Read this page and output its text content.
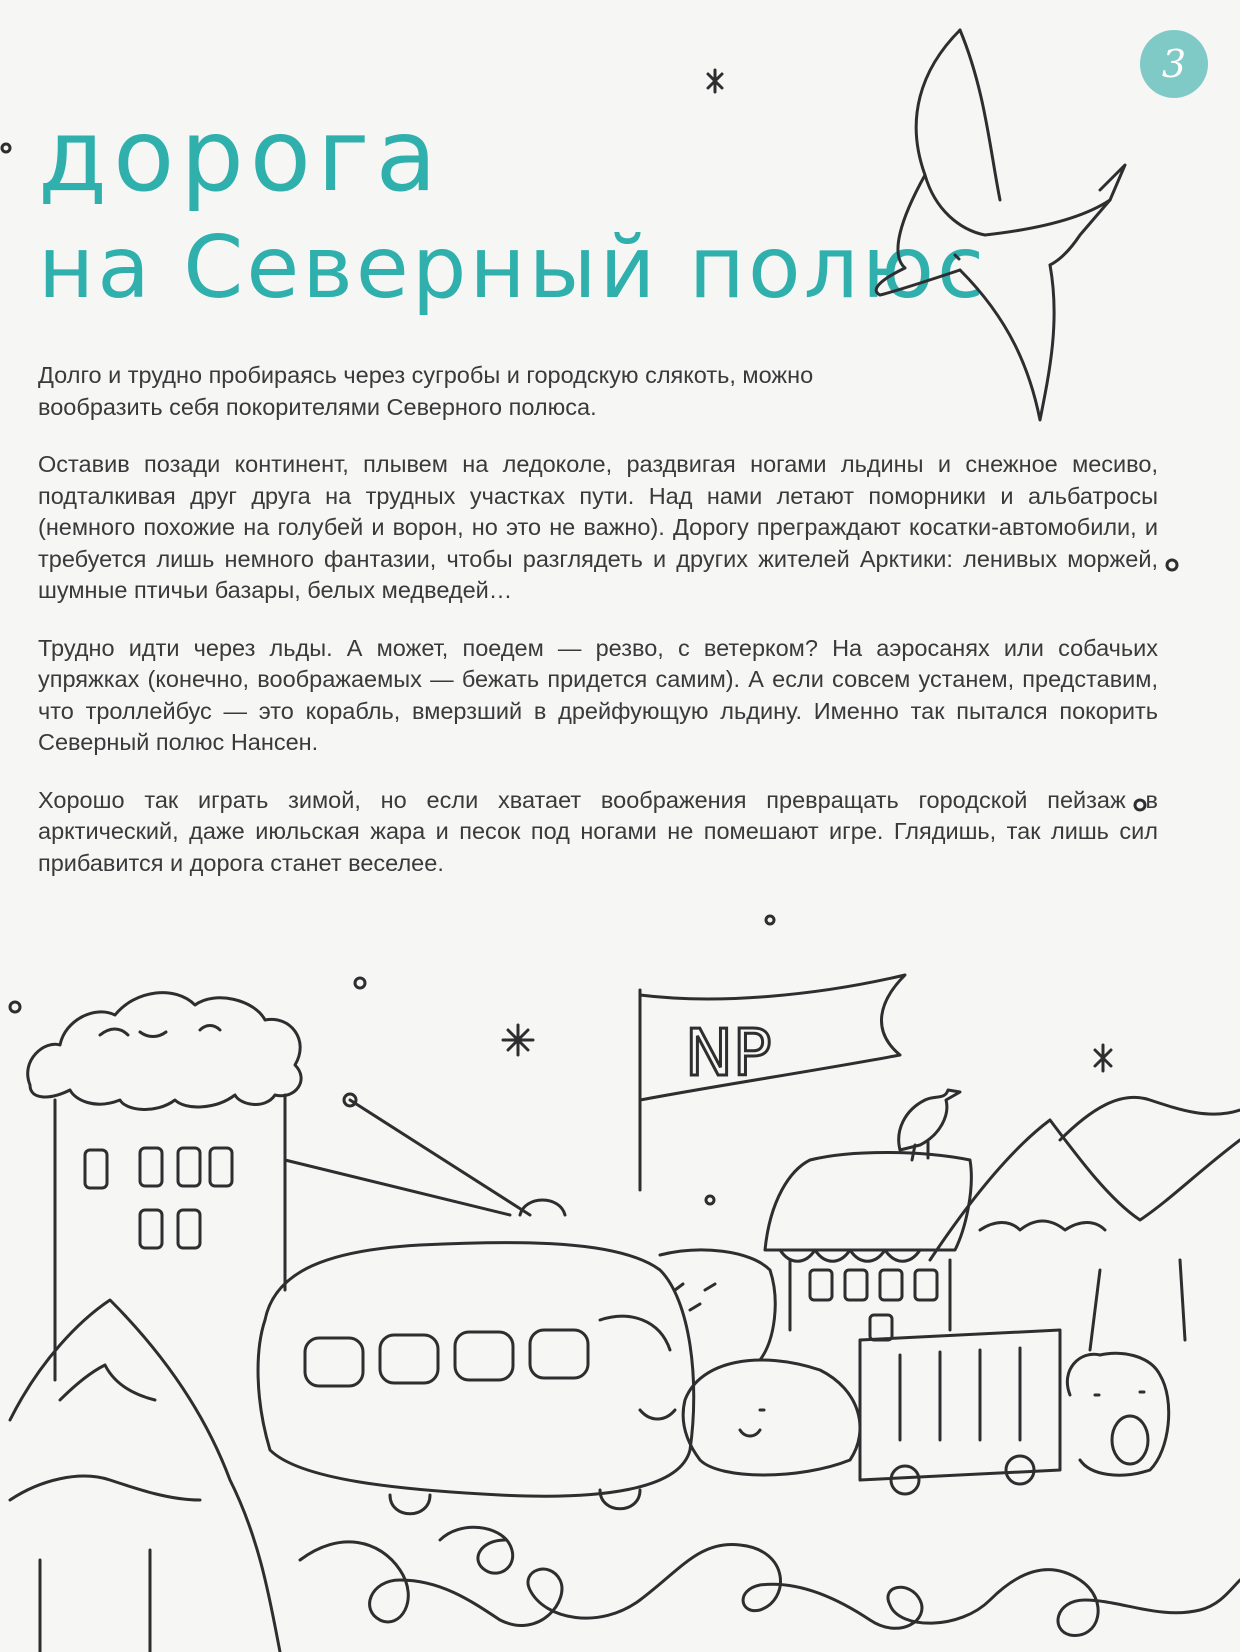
3
дорога
на Северный полюс

Долго и трудно пробираясь через сугробы и городскую слякоть, можно вообразить себя покорителями Северного полюса.

Оставив позади континент, плывем на ледоколе, раздвигая ногами льдины и снежное месиво, подталкивая друг друга на трудных участках пути. Над нами летают поморники и альбатросы (немного похожие на голубей и ворон, но это не важно). Дорогу преграждают косатки-автомобили, и требуется лишь немного фантазии, чтобы разглядеть и других жителей Арктики: ленивых моржей, шумные птичьи базары, белых медведей…

Трудно идти через льды. А может, поедем — резво, с ветерком? На аэросанях или собачьих упряжках (конечно, воображаемых — бежать придется самим). А если совсем устанем, представим, что троллейбус — это корабль, вмерзший в дрейфующую льдину. Именно так пытался покорить Северный полюс Нансен.

Хорошо так играть зимой, но если хватает воображения превращать городской пейзаж в арктический, даже июльская жара и песок под ногами не помешают игре. Глядишь, так лишь сил прибавится и дорога станет веселее.

NP
